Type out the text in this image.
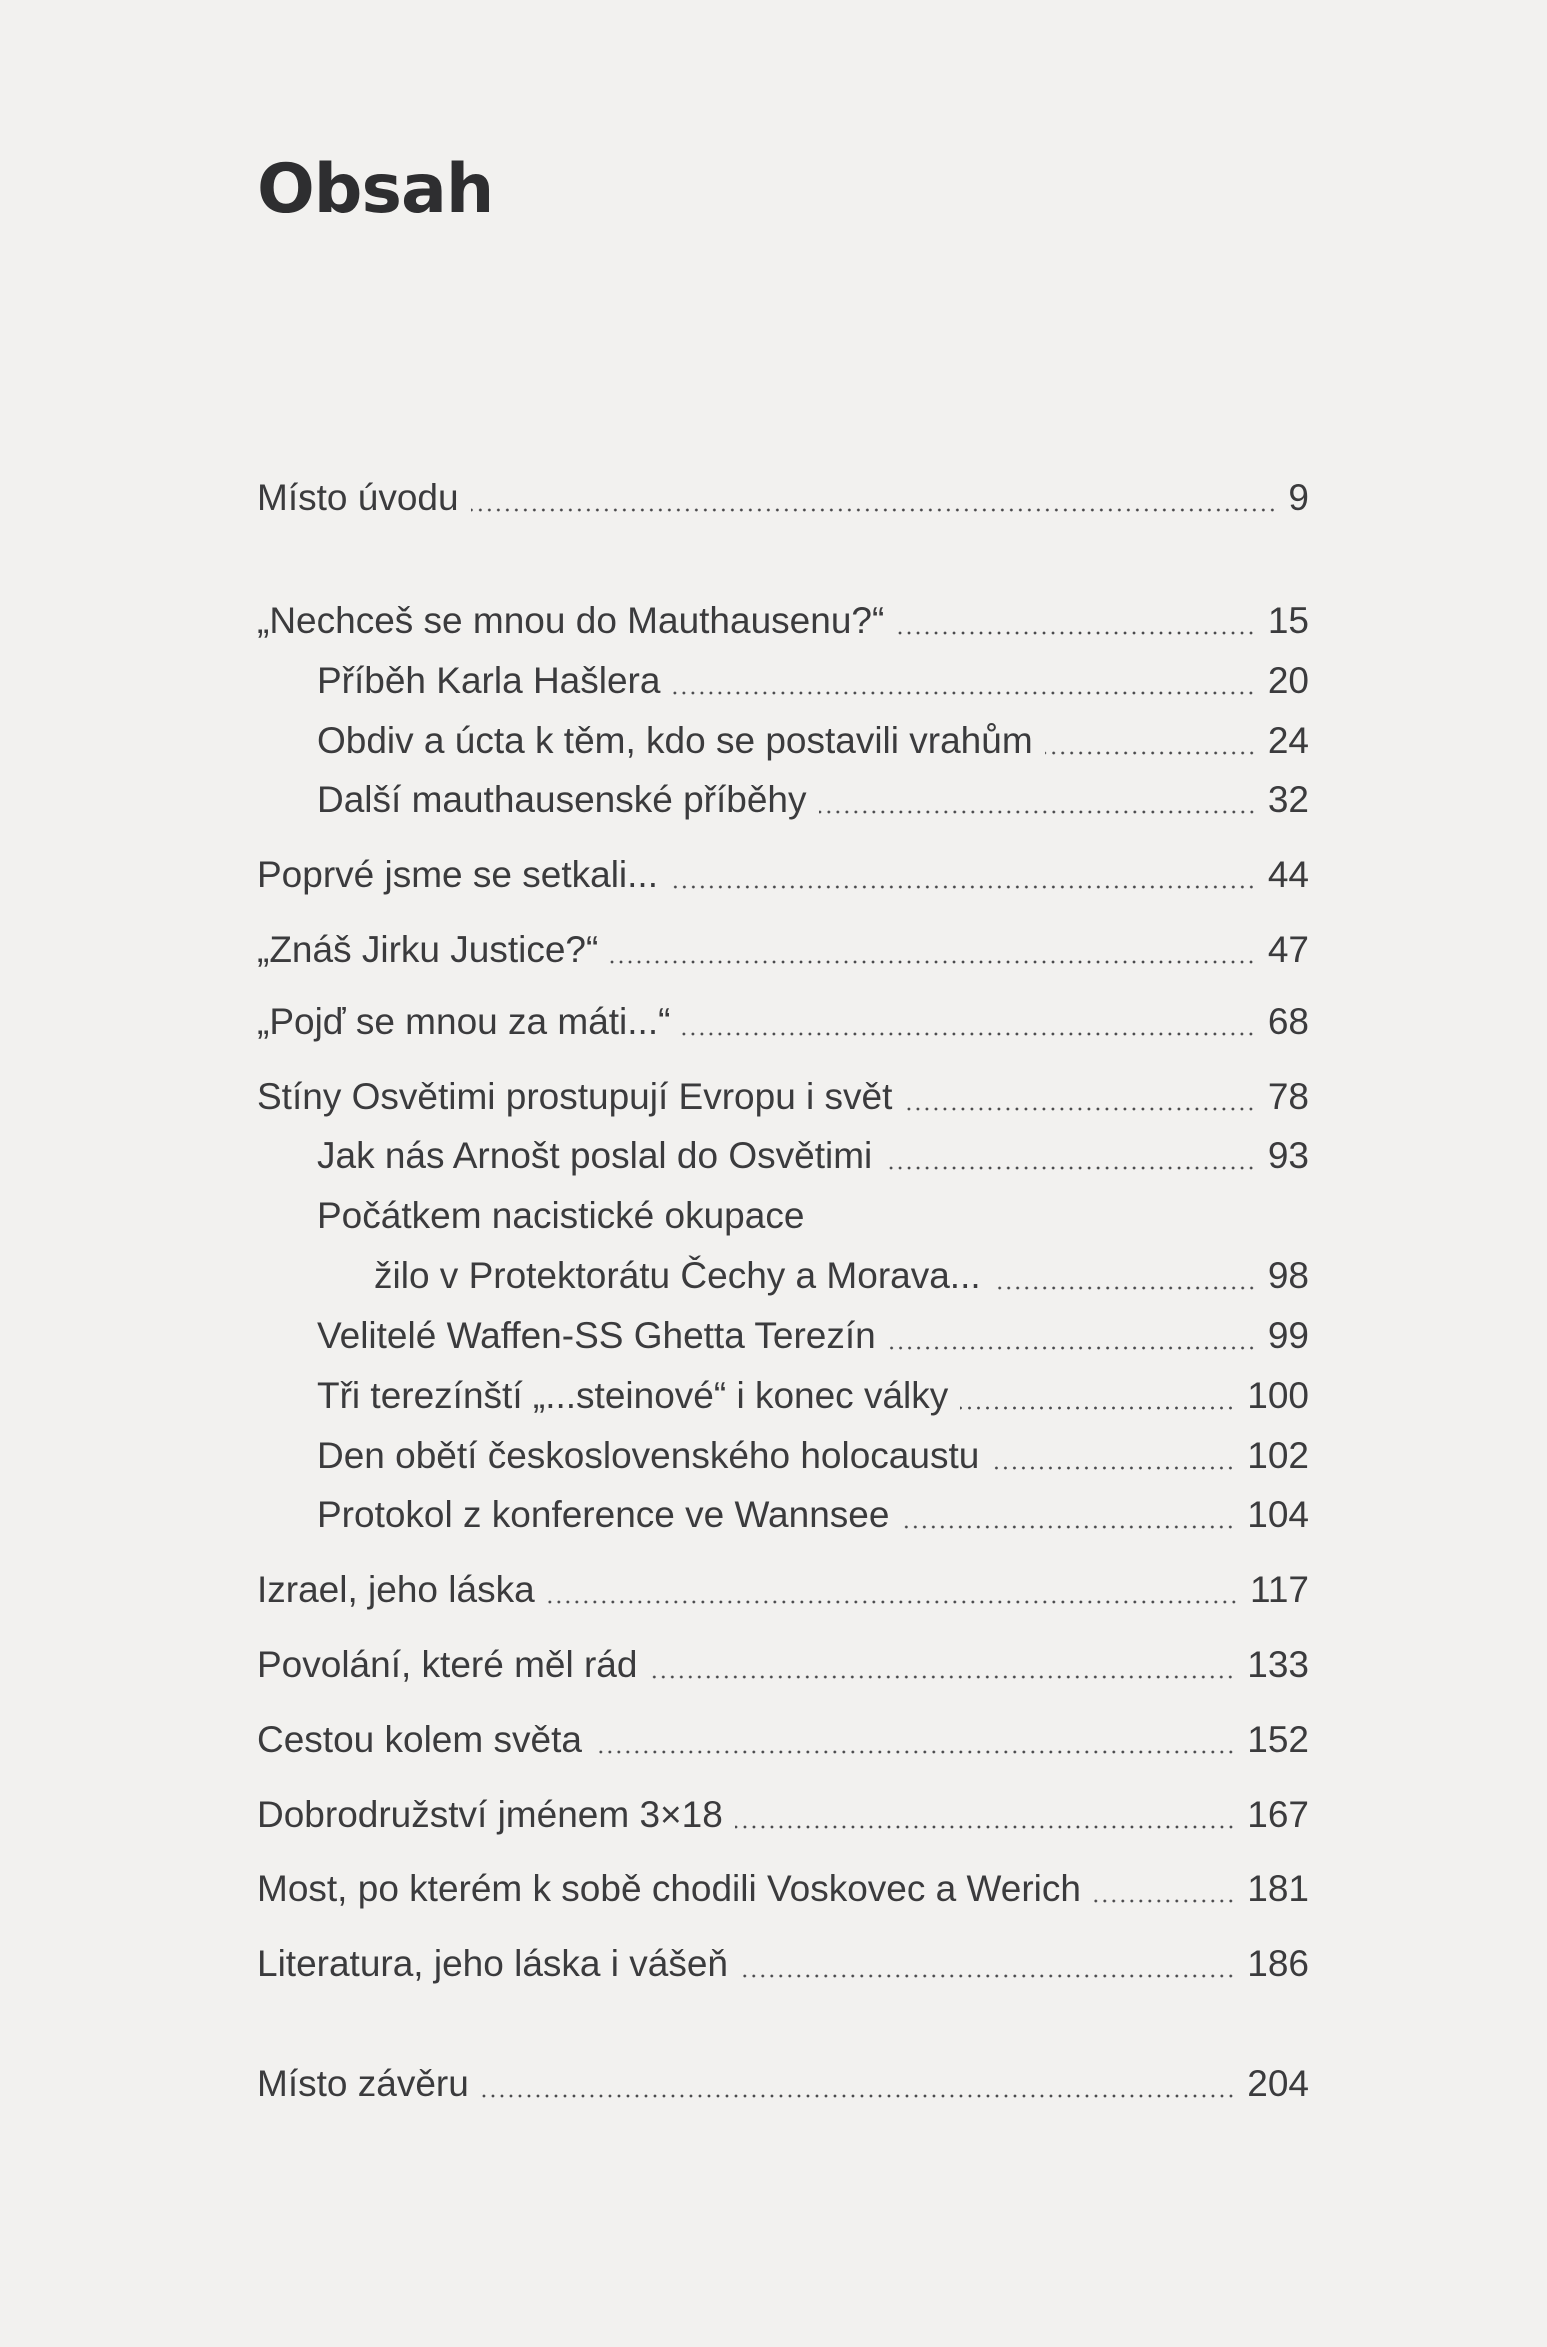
Obsah
Místo úvodu	9
„Nechceš se mnou do Mauthausenu?“	15
Příběh Karla Hašlera	20
Obdiv a úcta k těm, kdo se postavili vrahům	24
Další mauthausenské příběhy	32
Poprvé jsme se setkali...	44
„Znáš Jirku Justice?“	47
„Pojď se mnou za máti...“	68
Stíny Osvětimi prostupují Evropu i svět	78
Jak nás Arnošt poslal do Osvětimi	93
Počátkem nacistické okupace
žilo v Protektorátu Čechy a Morava...	98
Velitelé Waffen-SS Ghetta Terezín	99
Tři terezínští „...steinové“ i konec války	100
Den obětí československého holocaustu	102
Protokol z konference ve Wannsee	104
Izrael, jeho láska	117
Povolání, které měl rád	133
Cestou kolem světa	152
Dobrodružství jménem 3×18	167
Most, po kterém k sobě chodili Voskovec a Werich	181
Literatura, jeho láska i vášeň	186
Místo závěru	204
